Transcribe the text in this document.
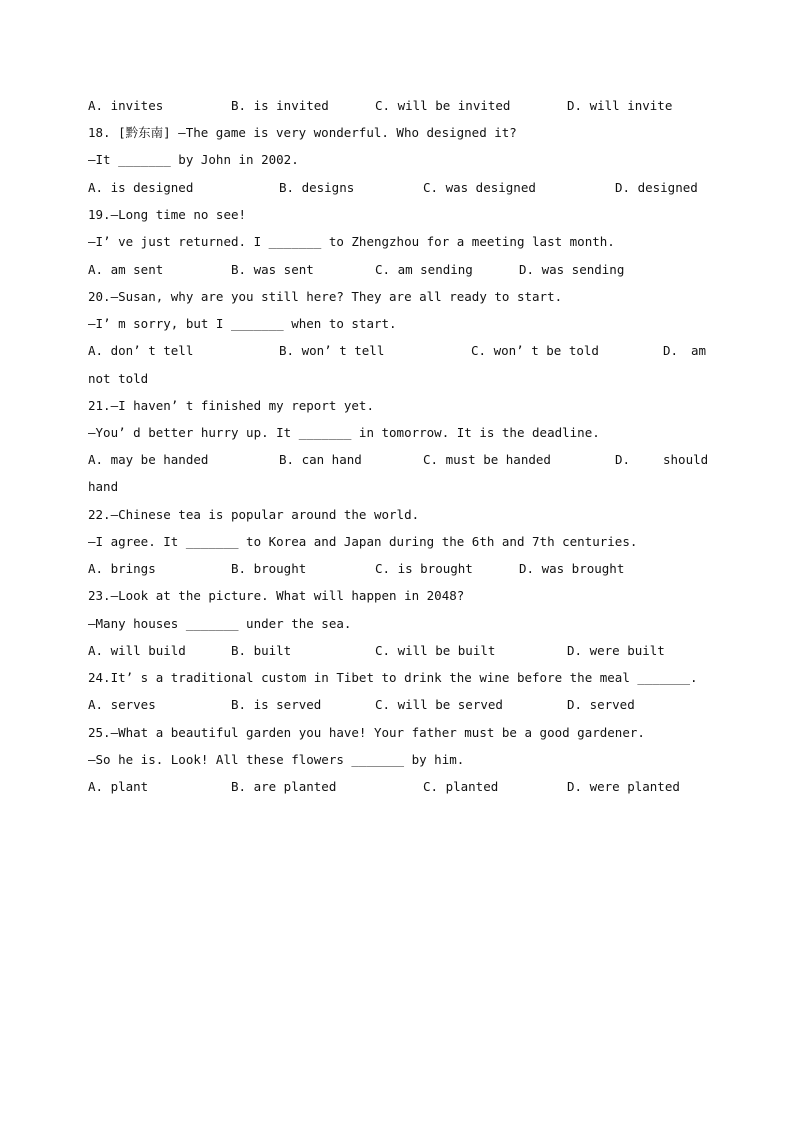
A. invites	B. is invited	C. will be invited	D. will invite
18. [黔东南] —The game is very wonderful. Who designed it?
—It _______ by John in 2002.
A. is designed	B. designs	C. was designed	D. designed
19.—Long time no see!
—I’ ve just returned. I _______ to Zhengzhou for a meeting last month.
A. am sent	B. was sent	C. am sending	D. was sending
20.—Susan, why are you still here? They are all ready to start.
—I’ m sorry, but I _______ when to start.
A. don’ t tell	B. won’ t tell	C. won’ t be told	D. am
not told
21.—I haven’ t finished my report yet.
—You’ d better hurry up. It _______ in tomorrow. It is the deadline.
A. may be handed	B. can hand	C. must be handed	D.	should
hand
22.—Chinese tea is popular around the world.
—I agree. It _______ to Korea and Japan during the 6th and 7th centuries.
A. brings	B. brought	C. is brought	D. was brought
23.—Look at the picture. What will happen in 2048?
—Many houses _______ under the sea.
A. will build	B. built	C. will be built	D. were built
24.It’ s a traditional custom in Tibet to drink the wine before the meal _______.
A. serves	B. is served	C. will be served	D. served
25.—What a beautiful garden you have! Your father must be a good gardener.
—So he is. Look! All these flowers _______ by him.
A. plant	B. are planted	C. planted	D. were planted
